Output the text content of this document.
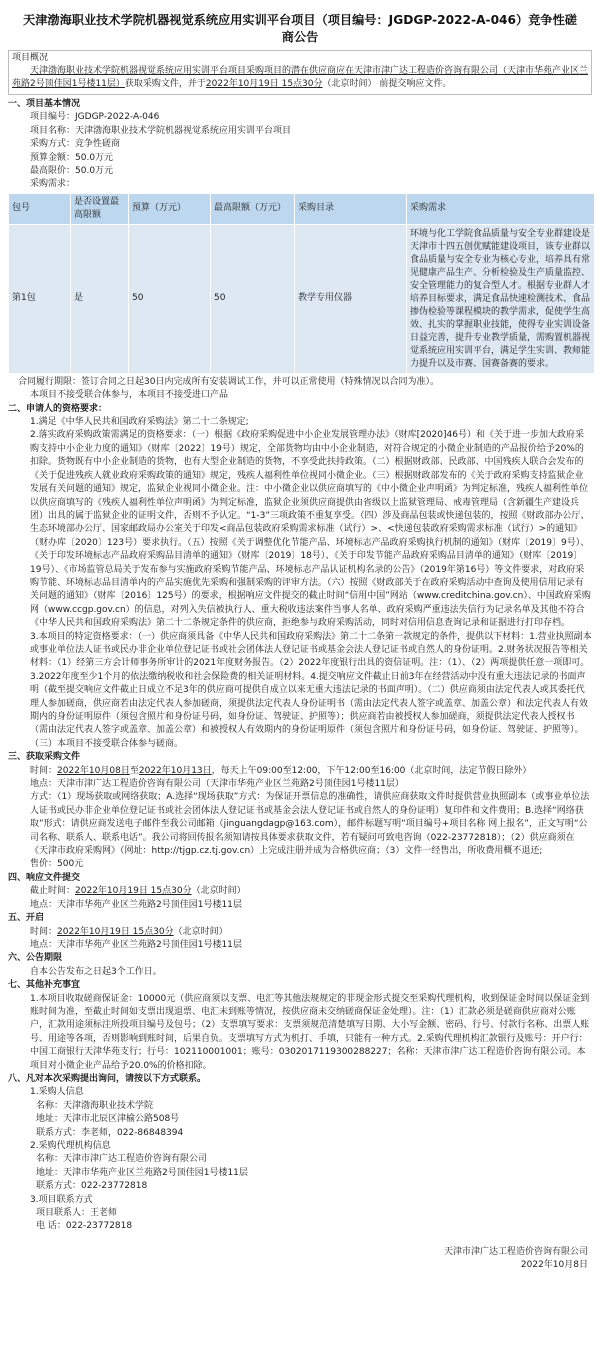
天津渤海职业技术学院机器视觉系统应用实训平台项目（项目编号：JGDGP-2022-A-046）竞争性磋商公告
项目概况
天津渤海职业技术学院机器视觉系统应用实训平台项目采购项目的潜在供应商应在天津市津广达工程造价咨询有限公司（天津市华苑产业区兰苑路2号顶佳园1号楼11层）获取采购文件，并于2022年10月19日 15点30分（北京时间） 前提交响应文件。
一、项目基本情况
项目编号： JGDGP-2022-A-046
项目名称： 天津渤海职业技术学院机器视觉系统应用实训平台项目
采购方式： 竞争性磋商
预算金额： 50.0万元
最高限价： 50.0万元
采购需求：
包号	是否设置最高限额	预算（万元）	最高限额（万元）	采购目录	采购需求
第1包	是	50	50	教学专用仪器	环境与化工学院食品质量与安全专业群建设是天津市十四五创优赋能建设项目，该专业群以食品质量与安全专业为核心专业，培养具有常见健康产品生产、分析检验及生产质量监控、安全管理能力的复合型人才。根据专业群人才培养目标要求，满足食品快速检测技术、食品掺伪检验等课程模块的教学需求，促使学生高效、扎实的掌握职业技能，使得专业实训设备日益完善，提升专业教学质量，需购置机器视觉系统应用实训平台，满足学生实训、教师能力提升以及市赛、国赛备赛的要求。
合同履行期限：签订合同之日起30日内完成所有安装调试工作，并可以正常使用（特殊情况以合同为准）。
本项目不接受联合体参与，本项目不接受进口产品
二、申请人的资格要求：
1.满足《中华人民共和国政府采购法》第二十二条规定;
2.落实政府采购政策需满足的资格要求：（一）根据《政府采购促进中小企业发展管理办法》（财库[2020]46号）和《关于进一步加大政府采购支持中小企业力度的通知》（财库〔2022〕19号）规定，全部货物均由中小企业制造，对符合规定的小微企业制造的产品报价给予20%的扣除。货物既有中小企业制造的货物，也有大型企业制造的货物，不享受此扶持政策。（二）根据财政部、民政部、中国残疾人联合会发布的《关于促进残疾人就业政府采购政策的通知》规定，残疾人福利性单位视同小微企业。（三）根据财政部发布的《关于政府采购支持监狱企业发展有关问题的通知》规定，监狱企业视同小微企业。注：中小微企业以供应商填写的《中小微企业声明函》为判定标准，残疾人福利性单位以供应商填写的《残疾人福利性单位声明函》为判定标准，监狱企业须供应商提供由省级以上监狱管理局、戒毒管理局（含新疆生产建设兵团）出具的属于监狱企业的证明文件，否则不予认定。“1-3”三项政策不重复享受。（四）涉及商品包装或快递包装的，按照《财政部办公厅、生态环境部办公厅、国家邮政局办公室关于印发<商品包装政府采购需求标准（试行）>、<快递包装政府采购需求标准（试行）>的通知》（财办库〔2020〕123号）要求执行。（五）按照《关于调整优化节能产品、环境标志产品政府采购执行机制的通知》（财库〔2019〕9号）、《关于印发环境标志产品政府采购品目清单的通知》（财库〔2019〕18号）、《关于印发节能产品政府采购品目清单的通知》（财库〔2019〕19号）、《市场监管总局关于发布参与实施政府采购节能产品、环境标志产品认证机构名录的公告》（2019年第16号）等文件要求，对政府采购节能、环境标志品目清单内的产品实施优先采购和强制采购的评审方法。（六）按照《财政部关于在政府采购活动中查询及使用信用记录有关问题的通知》（财库〔2016〕125号）的要求，根据响应文件提交的截止时间“信用中国”网站（www.creditchina.gov.cn）、中国政府采购网（www.ccgp.gov.cn）的信息，对列入失信被执行人、重大税收违法案件当事人名单、政府采购严重违法失信行为记录名单及其他不符合《中华人民共和国政府采购法》第二十二条规定条件的供应商，拒绝参与政府采购活动，同时对信用信息查询记录和证据进行打印存档。
3.本项目的特定资格要求：（一）供应商须具备《中华人民共和国政府采购法》第二十二条第一款规定的条件，提供以下材料：1.营业执照副本或事业单位法人证书或民办非企业单位登记证书或社会团体法人登记证书或基金会法人登记证书或自然人的身份证明。2.财务状况报告等相关材料：（1）经第三方会计师事务所审计的2021年度财务报告。（2）2022年度银行出具的资信证明。注：（1）、（2）两项提供任意一项即可。3.2022年度至少1个月的依法缴纳税收和社会保险费的相关证明材料。4.提交响应文件截止日前3年在经营活动中没有重大违法记录的书面声明（截至提交响应文件截止日成立不足3年的供应商可提供自成立以来无重大违法记录的书面声明）。（二）供应商须由法定代表人或其委托代理人参加磋商，供应商若由法定代表人参加磋商，须提供法定代表人身份证明书（需由法定代表人签字或盖章、加盖公章）和法定代表人有效期内的身份证明原件（须包含照片和身份证号码，如身份证、驾驶证、护照等）；供应商若由被授权人参加磋商，须提供法定代表人授权书（需由法定代表人签字或盖章、加盖公章）和被授权人有效期内的身份证明原件（须包含照片和身份证号码，如身份证、驾驶证、护照等）。（三）本项目不接受联合体参与磋商。
三、获取采购文件
时间：2022年10月08日至2022年10月13日，每天上午09:00至12:00，下午12:00至16:00（北京时间，法定节假日除外）
地点：天津市津广达工程造价咨询有限公司（天津市华苑产业区兰苑路2号顶佳园1号楼11层）
方式：（1）现场获取或网络获取；A.选择“现场获取”方式：为保证开票信息的准确性，请供应商获取文件时提供营业执照副本（或事业单位法人证书或民办非企业单位登记证书或社会团体法人登记证书或基金会法人登记证书或自然人的身份证明）复印件和文件费用；B.选择“网络获取”形式：请供应商发送电子邮件至我公司邮箱（jinguangdagp@163.com），邮件标题写明“项目编号+项目名称 网上报名”，正文写明“公司名称、联系人、联系电话”。我公司将回传报名须知请按具体要求获取文件，若有疑问可致电咨询（022-23772818）；（2）供应商须在《天津市政府采购网》（网址：http://tjgp.cz.tj.gov.cn）上完成注册并成为合格供应商；（3）文件一经售出，所收费用概不退还;
售价：500元
四、响应文件提交
截止时间：2022年10月19日 15点30分（北京时间）
地点：天津市华苑产业区兰苑路2号顶佳园1号楼11层
五、开启
时间：2022年10月19日 15点30分（北京时间）
地点：天津市华苑产业区兰苑路2号顶佳园1号楼11层
六、公告期限
自本公告发布之日起3个工作日。
七、其他补充事宜
1.本项目收取磋商保证金：10000元（供应商须以支票、电汇等其他法规规定的非现金形式提交至采购代理机构，收到保证金时间以保证金到账时间为准，至截止时间如支票出现退票、电汇未到账等情况，按供应商未交纳磋商保证金处理）。注：（1）汇款必须是磋商供应商对公账户，汇款用途须标注所投项目编号及包号；（2）支票填写要求：支票须规范清楚填写日期、大小写金额、密码、行号、付款行名称、出票人账号、用途等各项，否则影响到账时间，后果自负。支票填写方式为机打、手填，只能有一种方式。2.采购代理机构汇款银行及账号：开户行：中国工商银行天津华苑支行；行号：102110001001；账号：0302017119300288227；名称：天津市津广达工程造价咨询有限公司。本项目对小微企业产品给予20.0%的价格扣除。
八、凡对本次采购提出询问，请按以下方式联系。
1.采购人信息
名称：天津渤海职业技术学院
地址：天津市北辰区津榆公路508号
联系方式：李老师，022-86848394
2.采购代理机构信息
名称：天津市津广达工程造价咨询有限公司
地址：天津市华苑产业区兰苑路2号顶佳园1号楼11层
联系方式：022-23772818
3.项目联系方式
项目联系人：王老师
电 话：022-23772818
天津市津广达工程造价咨询有限公司
2022年10月8日
